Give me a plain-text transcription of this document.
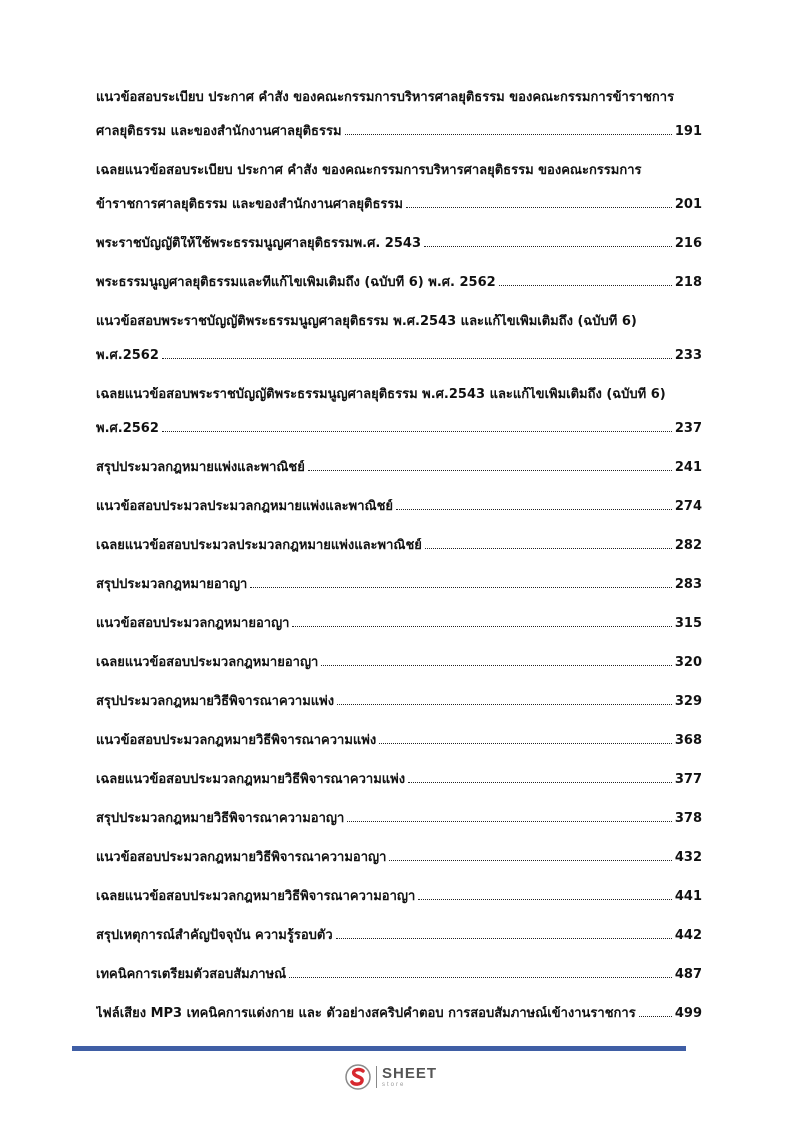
แนวข้อสอบระเบียบ ประกาศ คำสั่ง ของคณะกรรมการบริหารศาลยุติธรรม ของคณะกรรมการข้าราชการ
ศาลยุติธรรม และของสำนักงานศาลยุติธรรม	191
เฉลยแนวข้อสอบระเบียบ ประกาศ คำสั่ง ของคณะกรรมการบริหารศาลยุติธรรม ของคณะกรรมการ
ข้าราชการศาลยุติธรรม และของสำนักงานศาลยุติธรรม	201
พระราชบัญญัติให้ใช้พระธรรมนูญศาลยุติธรรมพ.ศ. 2543	216
พระธรรมนูญศาลยุติธรรมและที่แก้ไขเพิ่มเติมถึง (ฉบับที่ 6) พ.ศ. 2562	218
แนวข้อสอบพระราชบัญญัติพระธรรมนูญศาลยุติธรรม พ.ศ.2543 และแก้ไขเพิ่มเติมถึง (ฉบับที่ 6)
พ.ศ.2562	233
เฉลยแนวข้อสอบพระราชบัญญัติพระธรรมนูญศาลยุติธรรม พ.ศ.2543 และแก้ไขเพิ่มเติมถึง (ฉบับที่ 6)
พ.ศ.2562	237
สรุปประมวลกฎหมายแพ่งและพาณิชย์	241
แนวข้อสอบประมวลประมวลกฎหมายแพ่งและพาณิชย์	274
เฉลยแนวข้อสอบประมวลประมวลกฎหมายแพ่งและพาณิชย์	282
สรุปประมวลกฎหมายอาญา	283
แนวข้อสอบประมวลกฎหมายอาญา	315
เฉลยแนวข้อสอบประมวลกฎหมายอาญา	320
สรุปประมวลกฎหมายวิธีพิจารณาความแพ่ง	329
แนวข้อสอบประมวลกฎหมายวิธีพิจารณาความแพ่ง	368
เฉลยแนวข้อสอบประมวลกฎหมายวิธีพิจารณาความแพ่ง	377
สรุปประมวลกฎหมายวิธีพิจารณาความอาญา	378
แนวข้อสอบประมวลกฎหมายวิธีพิจารณาความอาญา	432
เฉลยแนวข้อสอบประมวลกฎหมายวิธีพิจารณาความอาญา	441
สรุปเหตุการณ์สำคัญปัจจุบัน ความรู้รอบตัว	442
เทคนิคการเตรียมตัวสอบสัมภาษณ์	487
ไฟล์เสียง MP3 เทคนิคการแต่งกาย และ ตัวอย่างสคริปคำตอบ การสอบสัมภาษณ์เข้างานราชการ	499
SHEET
store
